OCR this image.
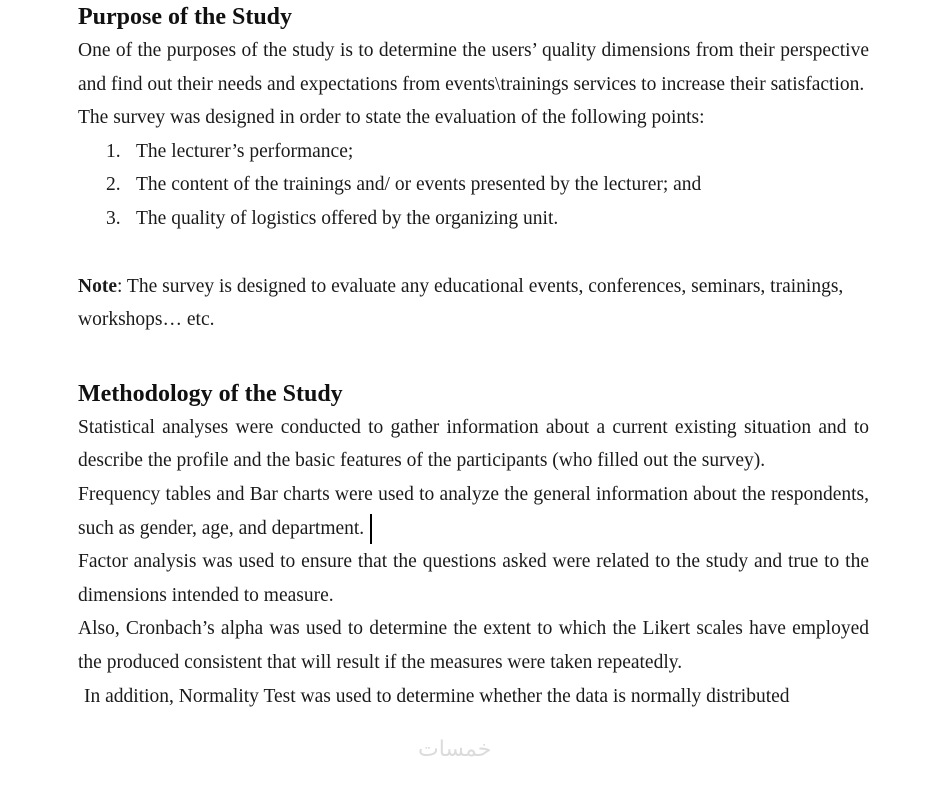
Purpose of the Study

One of the purposes of the study is to determine the users’ quality dimensions from their perspective and find out their needs and expectations from events\trainings services to increase their satisfaction.

The survey was designed in order to state the evaluation of the following points:

1. The lecturer’s performance;
2. The content of the trainings and/ or events presented by the lecturer; and
3. The quality of logistics offered by the organizing unit.

Note: The survey is designed to evaluate any educational events, conferences, seminars, trainings, workshops… etc.

Methodology of the Study

Statistical analyses were conducted to gather information about a current existing situation and to describe the profile and the basic features of the participants (who filled out the survey).

Frequency tables and Bar charts were used to analyze the general information about the respondents, such as gender, age, and department.

Factor analysis was used to ensure that the questions asked were related to the study and true to the dimensions intended to measure.

Also, Cronbach’s alpha was used to determine the extent to which the Likert scales have employed the produced consistent that will result if the measures were taken repeatedly.

In addition, Normality Test was used to determine whether the data is normally distributed

خمسات
